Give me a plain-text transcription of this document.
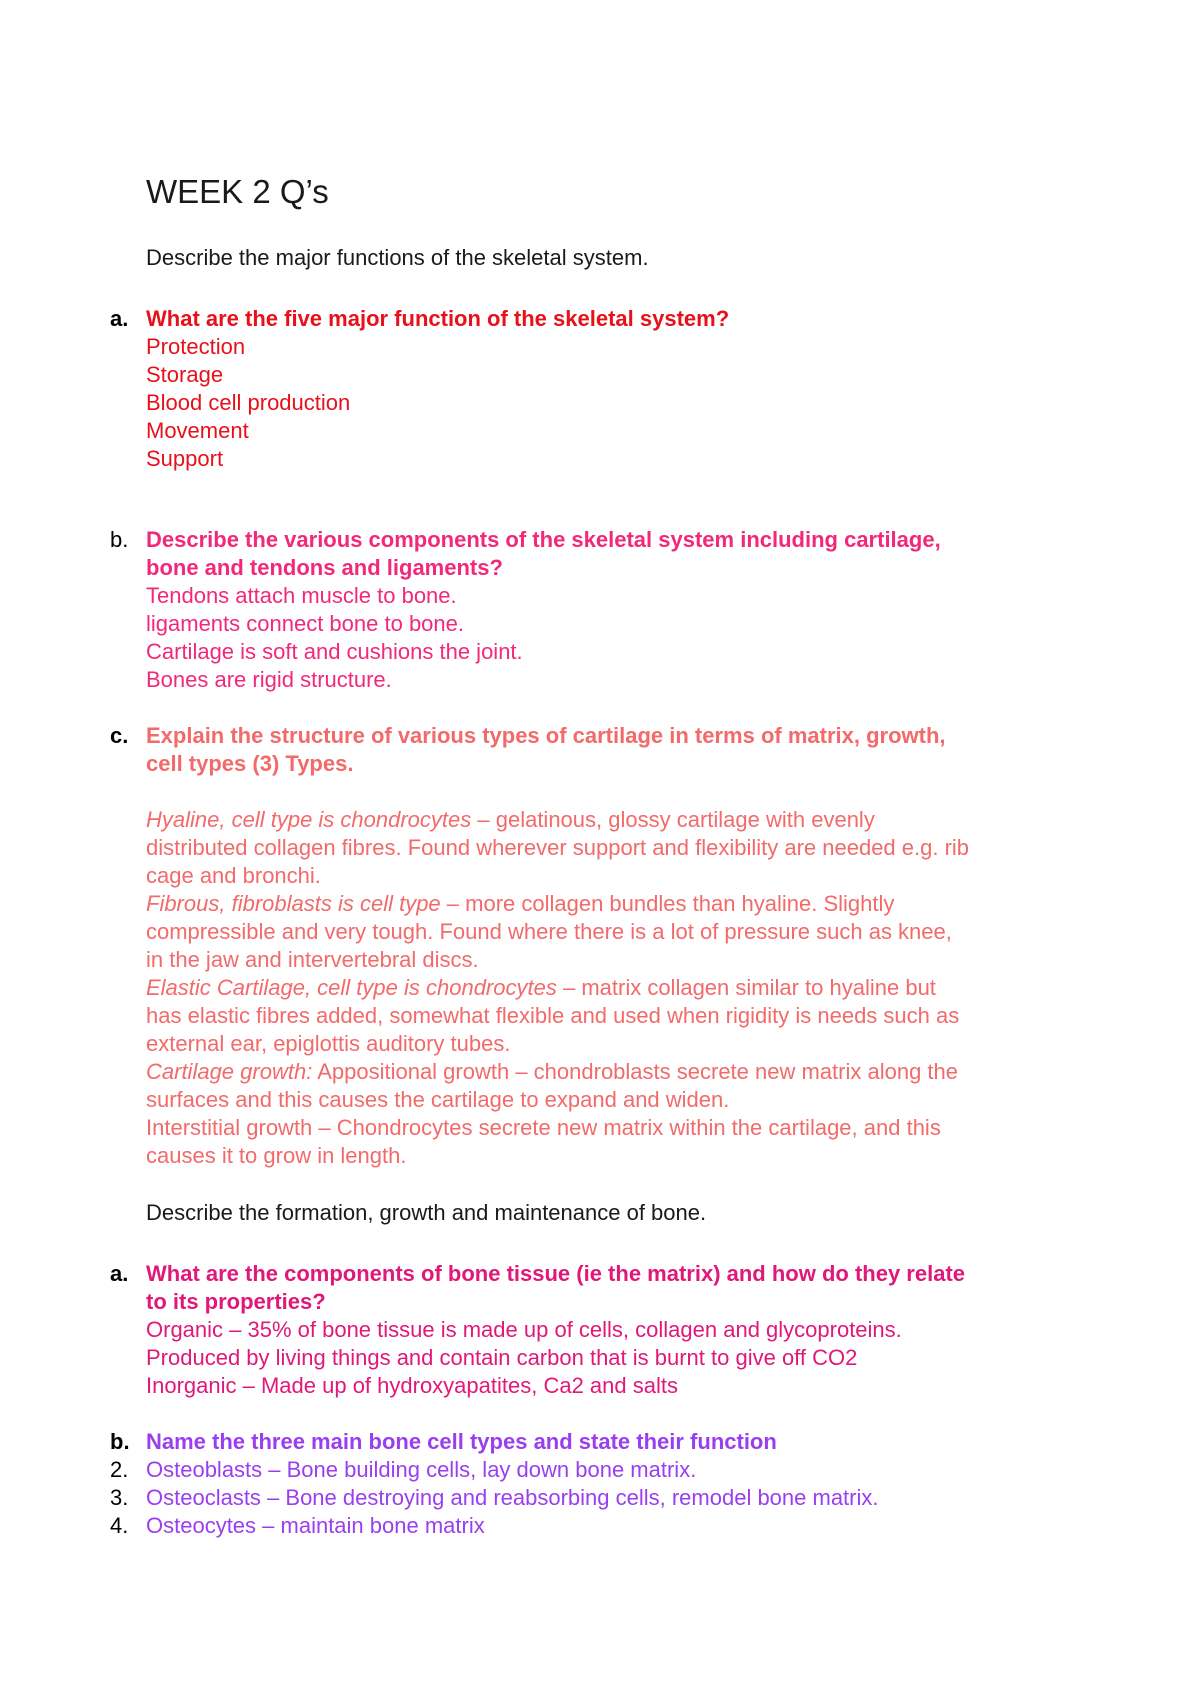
WEEK 2 Q’s

Describe the major functions of the skeletal system.

a. What are the five major function of the skeletal system?

Protection

Storage

Blood cell production

Movement

Support

b. Describe the various components of the skeletal system including cartilage,

bone and tendons and ligaments?

Tendons attach muscle to bone.

ligaments connect bone to bone.

Cartilage is soft and cushions the joint.

Bones are rigid structure.

c. Explain the structure of various types of cartilage in terms of matrix, growth,

cell types (3) Types.

Hyaline, cell type is chondrocytes – gelatinous, glossy cartilage with evenly

distributed collagen fibres. Found wherever support and flexibility are needed e.g. rib

cage and bronchi.

Fibrous, fibroblasts is cell type – more collagen bundles than hyaline. Slightly

compressible and very tough. Found where there is a lot of pressure such as knee,

in the jaw and intervertebral discs.

Elastic Cartilage, cell type is chondrocytes – matrix collagen similar to hyaline but

has elastic fibres added, somewhat flexible and used when rigidity is needs such as

external ear, epiglottis auditory tubes.

Cartilage growth: Appositional growth – chondroblasts secrete new matrix along the

surfaces and this causes the cartilage to expand and widen.

Interstitial growth – Chondrocytes secrete new matrix within the cartilage, and this

causes it to grow in length.

Describe the formation, growth and maintenance of bone.

a. What are the components of bone tissue (ie the matrix) and how do they relate

to its properties?

Organic – 35% of bone tissue is made up of cells, collagen and glycoproteins.

Produced by living things and contain carbon that is burnt to give off CO2

Inorganic – Made up of hydroxyapatites, Ca2 and salts

b. Name the three main bone cell types and state their function

2. Osteoblasts – Bone building cells, lay down bone matrix.
3. Osteoclasts – Bone destroying and reabsorbing cells, remodel bone matrix.
4. Osteocytes – maintain bone matrix
